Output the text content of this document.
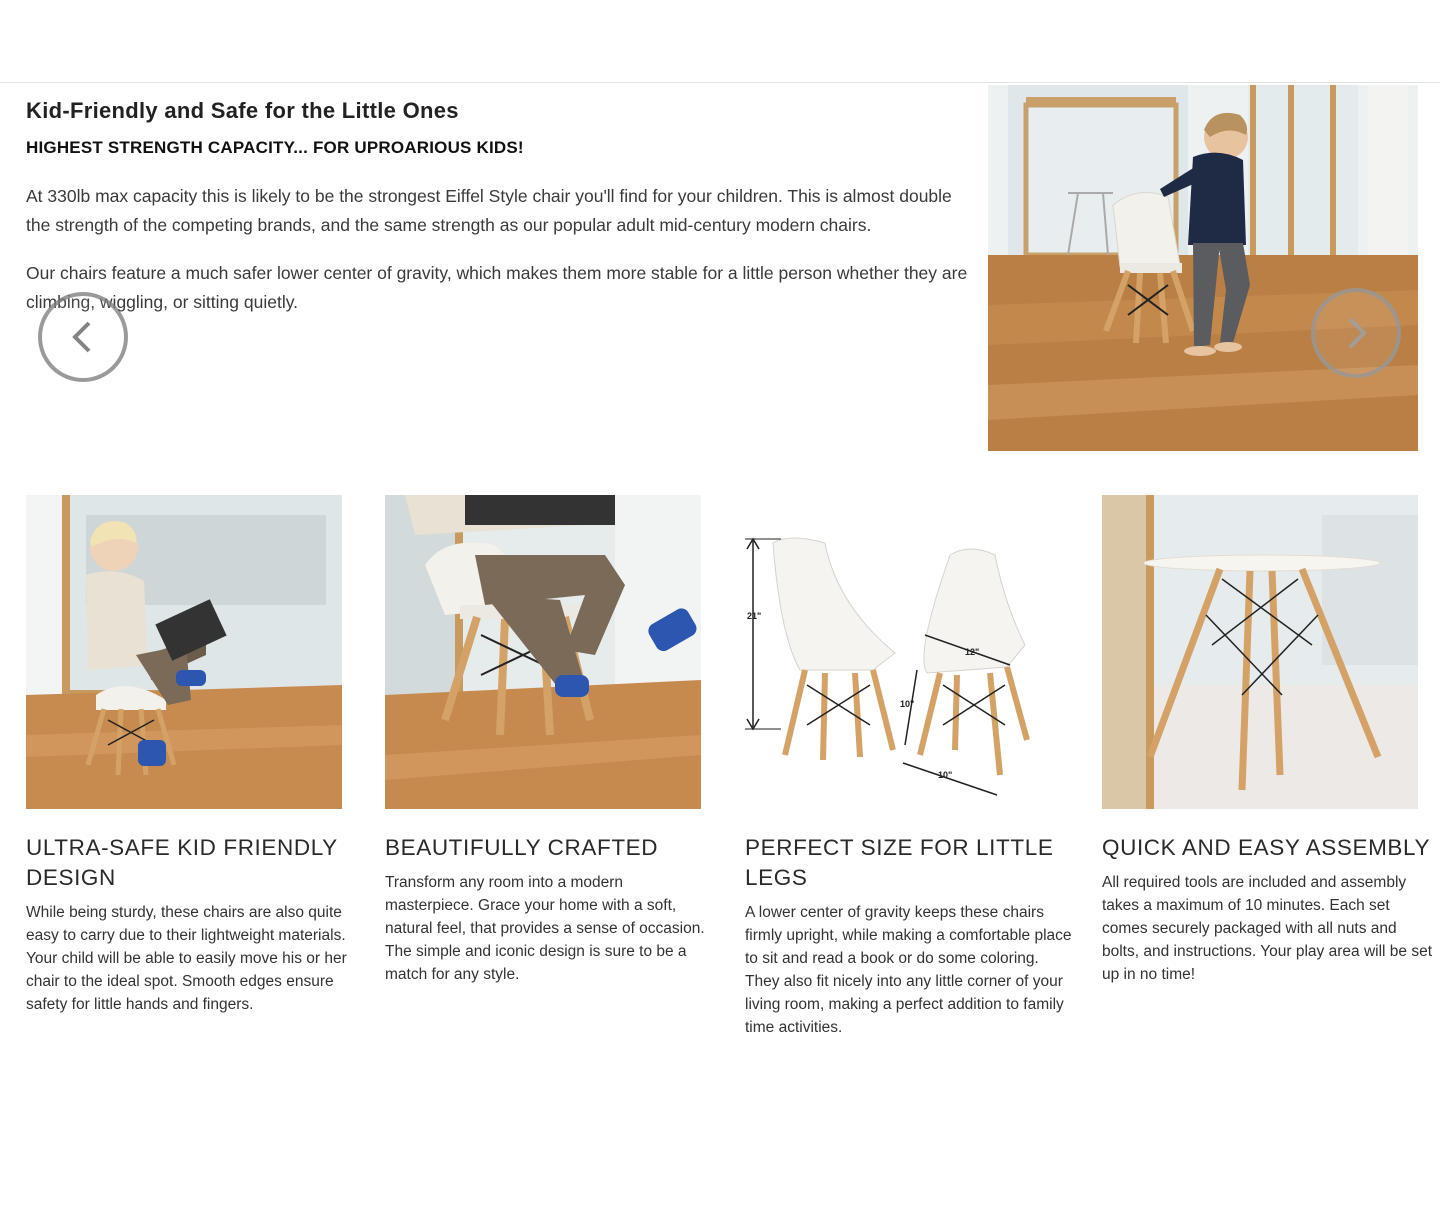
Kid-Friendly and Safe for the Little Ones
HIGHEST STRENGTH CAPACITY... FOR UPROARIOUS KIDS!

At 330lb max capacity this is likely to be the strongest Eiffel Style chair you'll find for your children. This is almost double the strength of the competing brands, and the same strength as our popular adult mid-century modern chairs.

Our chairs feature a much safer lower center of gravity, which makes them more stable for a little person whether they are climbing, wiggling, or sitting quietly.

ULTRA-SAFE KID FRIENDLY DESIGN

While being sturdy, these chairs are also quite easy to carry due to their lightweight materials. Your child will be able to easily move his or her chair to the ideal spot. Smooth edges ensure safety for little hands and fingers.

BEAUTIFULLY CRAFTED

Transform any room into a modern masterpiece. Grace your home with a soft, natural feel, that provides a sense of occasion. The simple and iconic design is sure to be a match for any style.

21"
12"
10"
10"
PERFECT SIZE FOR LITTLE LEGS

A lower center of gravity keeps these chairs firmly upright, while making a comfortable place to sit and read a book or do some coloring. They also fit nicely into any little corner of your living room, making a perfect addition to family time activities.

QUICK AND EASY ASSEMBLY

All required tools are included and assembly takes a maximum of 10 minutes. Each set comes securely packaged with all nuts and bolts, and instructions. Your play area will be set up in no time!
